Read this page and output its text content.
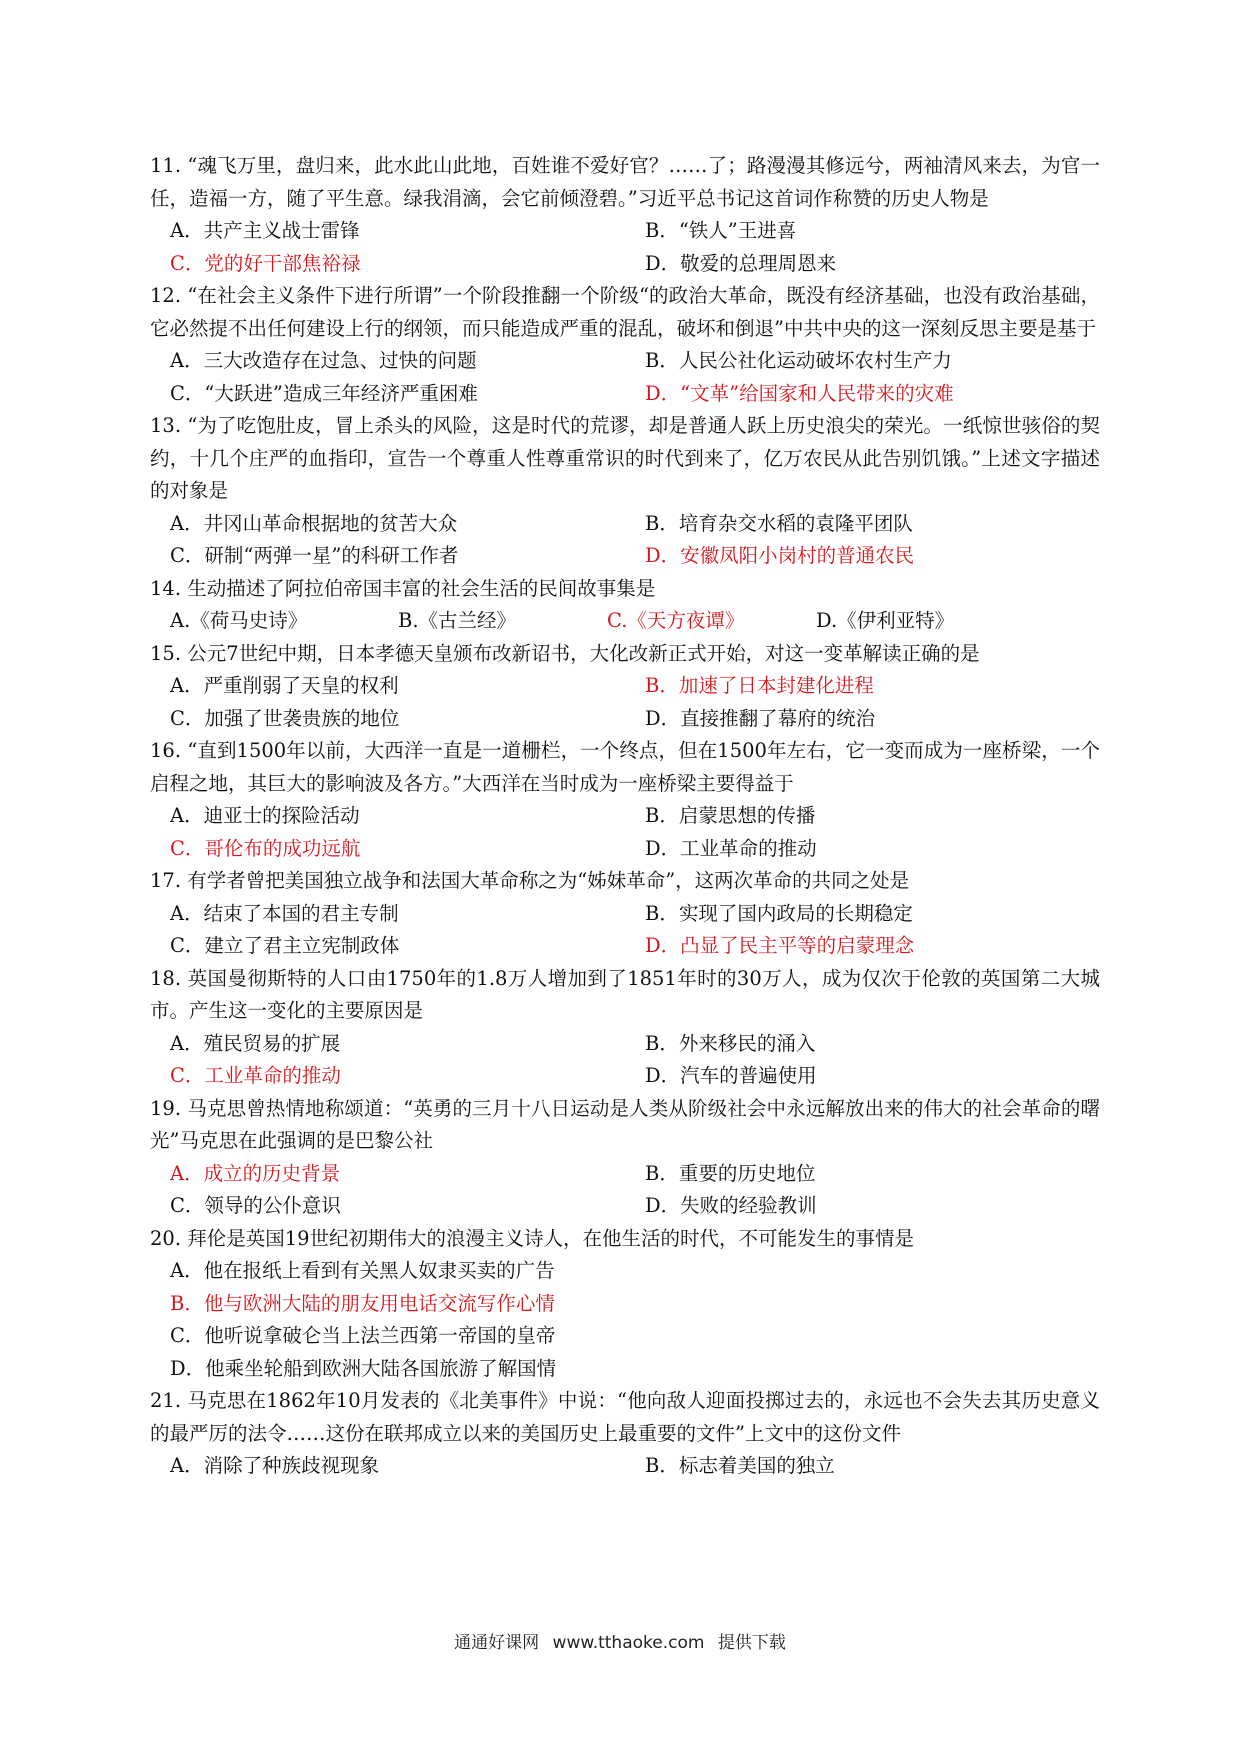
11. “魂飞万里，盘归来，此水此山此地，百姓谁不爱好官？……了；路漫漫其修远兮，两袖清风来去，为官一任，造福一方，随了平生意。绿我涓滴，会它前倾澄碧。”习近平总书记这首词作称赞的历史人物是

A．共产主义战士雷锋	B．“铁人”王进喜
C．党的好干部焦裕禄	D．敬爱的总理周恩来

12. “在社会主义条件下进行所谓”一个阶段推翻一个阶级“的政治大革命，既没有经济基础，也没有政治基础，它必然提不出任何建设上行的纲领，而只能造成严重的混乱，破坏和倒退”中共中央的这一深刻反思主要是基于

A．三大改造存在过急、过快的问题	B．人民公社化运动破坏农村生产力
C．“大跃进”造成三年经济严重困难	D．“文革”给国家和人民带来的灾难

13. “为了吃饱肚皮，冒上杀头的风险，这是时代的荒谬，却是普通人跃上历史浪尖的荣光。一纸惊世骇俗的契约，十几个庄严的血指印，宣告一个尊重人性尊重常识的时代到来了，亿万农民从此告别饥饿。”上述文字描述的对象是

A．井冈山革命根据地的贫苦大众	B．培育杂交水稻的袁隆平团队
C．研制“两弹一星”的科研工作者	D．安徽凤阳小岗村的普通农民

14. 生动描述了阿拉伯帝国丰富的社会生活的民间故事集是

A.《荷马史诗》	B.《古兰经》	C.《天方夜谭》	D.《伊利亚特》

15. 公元7世纪中期，日本孝德天皇颁布改新诏书，大化改新正式开始，对这一变革解读正确的是

A．严重削弱了天皇的权利	B．加速了日本封建化进程
C．加强了世袭贵族的地位	D．直接推翻了幕府的统治

16. “直到1500年以前，大西洋一直是一道栅栏，一个终点，但在1500年左右，它一变而成为一座桥梁，一个启程之地，其巨大的影响波及各方。”大西洋在当时成为一座桥梁主要得益于

A．迪亚士的探险活动	B．启蒙思想的传播
C．哥伦布的成功远航	D．工业革命的推动

17. 有学者曾把美国独立战争和法国大革命称之为“姊妹革命”，这两次革命的共同之处是

A．结束了本国的君主专制	B．实现了国内政局的长期稳定
C．建立了君主立宪制政体	D．凸显了民主平等的启蒙理念

18. 英国曼彻斯特的人口由1750年的1.8万人增加到了1851年时的30万人，成为仅次于伦敦的英国第二大城市。产生这一变化的主要原因是

A．殖民贸易的扩展	B．外来移民的涌入
C．工业革命的推动	D．汽车的普遍使用

19. 马克思曾热情地称颂道：“英勇的三月十八日运动是人类从阶级社会中永远解放出来的伟大的社会革命的曙光”马克思在此强调的是巴黎公社

A．成立的历史背景	B．重要的历史地位
C．领导的公仆意识	D．失败的经验教训

20. 拜伦是英国19世纪初期伟大的浪漫主义诗人，在他生活的时代，不可能发生的事情是

A．他在报纸上看到有关黑人奴隶买卖的广告
B．他与欧洲大陆的朋友用电话交流写作心情
C．他听说拿破仑当上法兰西第一帝国的皇帝
D．他乘坐轮船到欧洲大陆各国旅游了解国情

21. 马克思在1862年10月发表的《北美事件》中说：“他向敌人迎面投掷过去的，永远也不会失去其历史意义的最严厉的法令……这份在联邦成立以来的美国历史上最重要的文件”上文中的这份文件

A．消除了种族歧视现象	B．标志着美国的独立
通通好课网 www.tthaoke.com 提供下载
